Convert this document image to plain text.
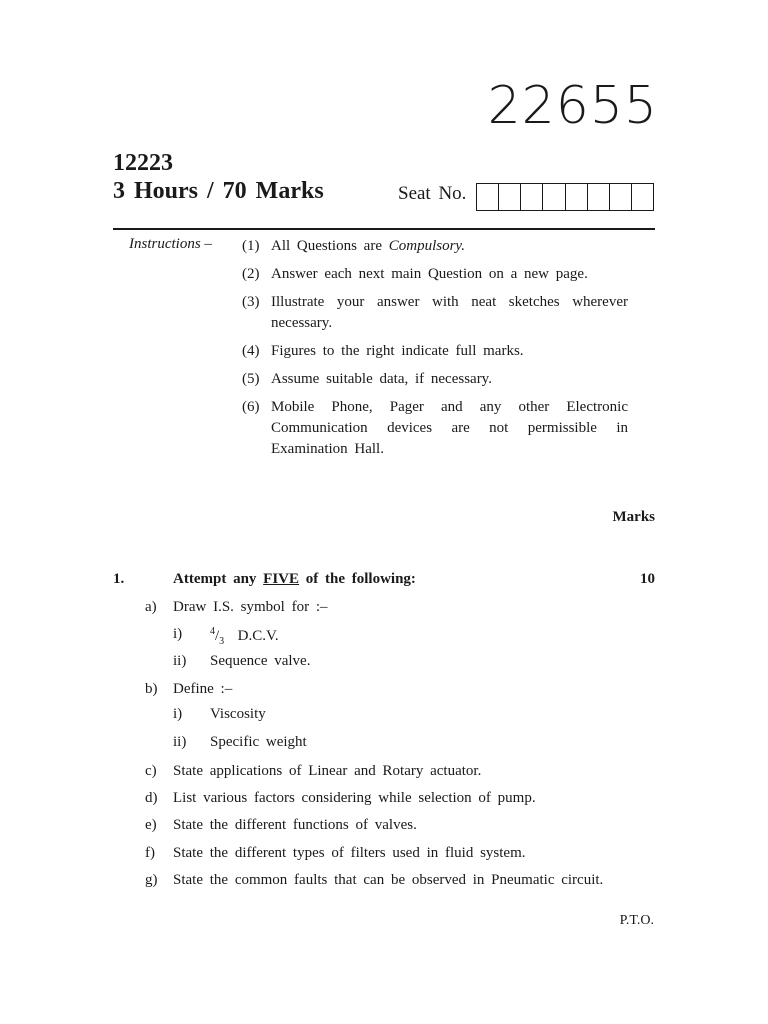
22655
12223
3 Hours / 70 Marks	Seat No.
Instructions – (1) All Questions are Compulsory.
(2) Answer each next main Question on a new page.
(3) Illustrate your answer with neat sketches wherever necessary.
(4) Figures to the right indicate full marks.
(5) Assume suitable data, if necessary.
(6) Mobile Phone, Pager and any other Electronic Communication devices are not permissible in Examination Hall.
Marks
1.	Attempt any FIVE of the following:	10
a)	Draw I.S. symbol for :–
i)	$^4/_3$ D.C.V.
ii)	Sequence valve.
b)	Define :–
i)	Viscosity
ii)	Specific weight
c)	State applications of Linear and Rotary actuator.
d)	List various factors considering while selection of pump.
e)	State the different functions of valves.
f)	State the different types of filters used in fluid system.
g)	State the common faults that can be observed in Pneumatic circuit.
P.T.O.
